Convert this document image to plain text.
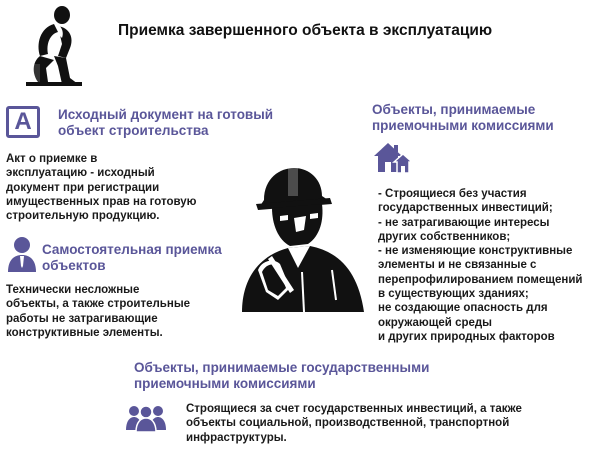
Приемка завершенного объекта в эксплуатацию
А Исходный документ на готовый
объект строительства
Акт о приемке в
эксплуатацию - исходный
документ при регистрации
имущественных прав на готовую
строительную продукцию.
Самостоятельная приемка
объектов
Технически несложные
объекты, а также строительные
работы не затрагивающие
конструктивные элементы.
Объекты, принимаемые
приемочными комиссиями
- Строящиеся без участия
государственных инвестиций;
- не затрагивающие интересы
других собственников;
- не изменяющие конструктивные
элементы и не связанные с
перепрофилированием помещений
в существующих зданиях;
не создающие опасность для
окружающей среды
и других природных факторов
Объекты, принимаемые государственными
приемочными комиссиями
Строящиеся за счет государственных инвестиций, а также
объекты социальной, производственной, транспортной
инфраструктуры.
